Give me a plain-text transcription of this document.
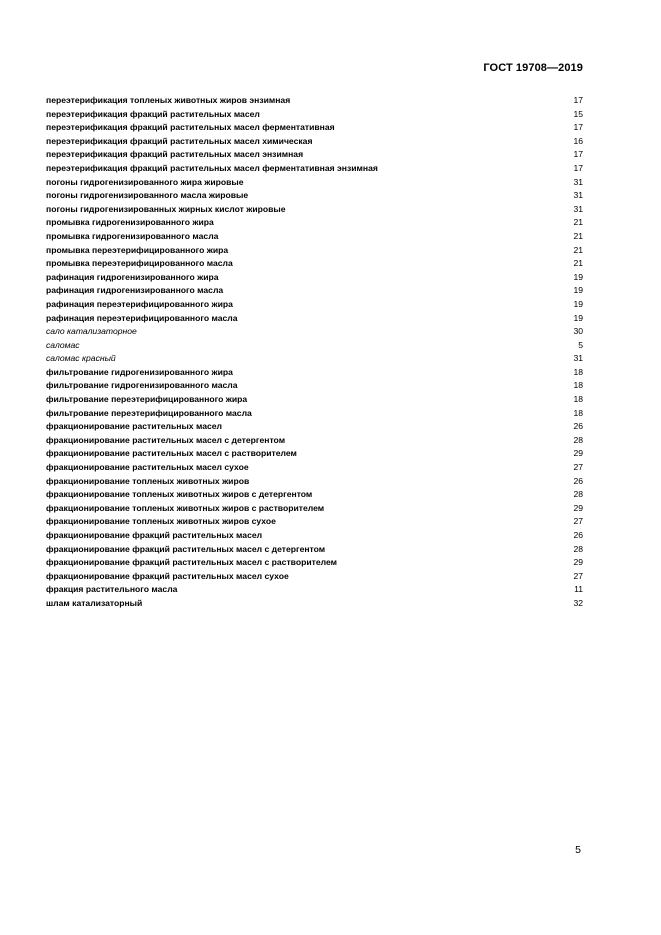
ГОСТ 19708—2019
переэтерификация топленых животных жиров энзимная	17
переэтерификация фракций растительных масел	15
переэтерификация фракций растительных масел ферментативная	17
переэтерификация фракций растительных масел химическая	16
переэтерификация фракций растительных масел энзимная	17
переэтерификация фракций растительных масел ферментативная энзимная	17
погоны гидрогенизированного жира жировые	31
погоны гидрогенизированного масла жировые	31
погоны гидрогенизированных жирных кислот жировые	31
промывка гидрогенизированного жира	21
промывка гидрогенизированного масла	21
промывка переэтерифицированного жира	21
промывка переэтерифицированного масла	21
рафинация гидрогенизированного жира	19
рафинация гидрогенизированного масла	19
рафинация переэтерифицированного жира	19
рафинация переэтерифицированного масла	19
сало катализаторное	30
саломас	5
саломас красный	31
фильтрование гидрогенизированного жира	18
фильтрование гидрогенизированного масла	18
фильтрование переэтерифицированного жира	18
фильтрование переэтерифицированного масла	18
фракционирование растительных масел	26
фракционирование растительных масел с детергентом	28
фракционирование растительных масел с растворителем	29
фракционирование растительных масел сухое	27
фракционирование топленых животных жиров	26
фракционирование топленых животных жиров с детергентом	28
фракционирование топленых животных жиров с растворителем	29
фракционирование топленых животных жиров сухое	27
фракционирование фракций растительных масел	26
фракционирование фракций растительных масел с детергентом	28
фракционирование фракций растительных масел с растворителем	29
фракционирование фракций растительных масел сухое	27
фракция растительного масла	11
шлам катализаторный	32
5
